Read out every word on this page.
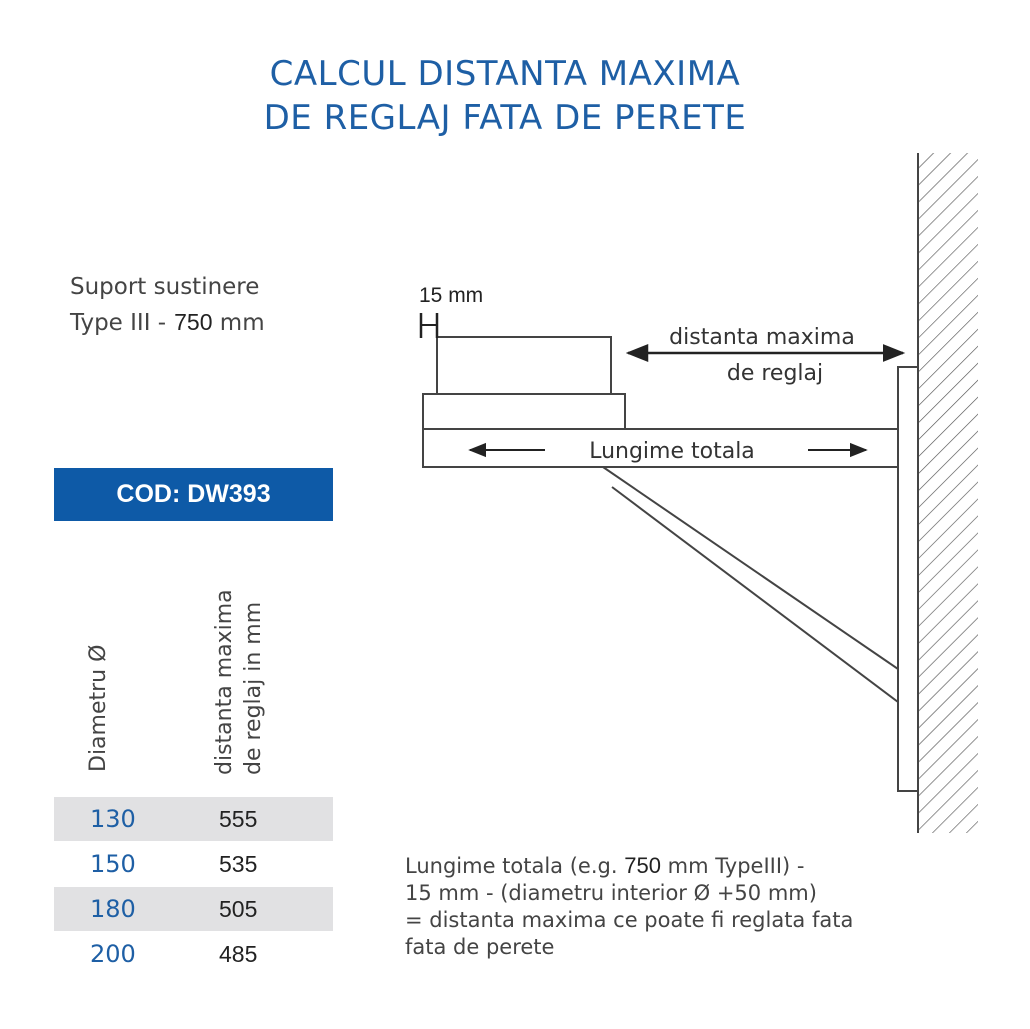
CALCUL DISTANTA MAXIMA
DE REGLAJ FATA DE PERETE
Suport sustinere
Type III - 750 mm
COD: DW393
Diametru Ø	distanta maxima de reglaj in mm
130	555
150	535
180	505
200	485
15 mm
distanta maxima
de reglaj
Lungime totala
Lungime totala (e.g. 750 mm TypeIII) -
15 mm - (diametru interior Ø +50 mm)
= distanta maxima ce poate fi reglata fata
fata de perete
